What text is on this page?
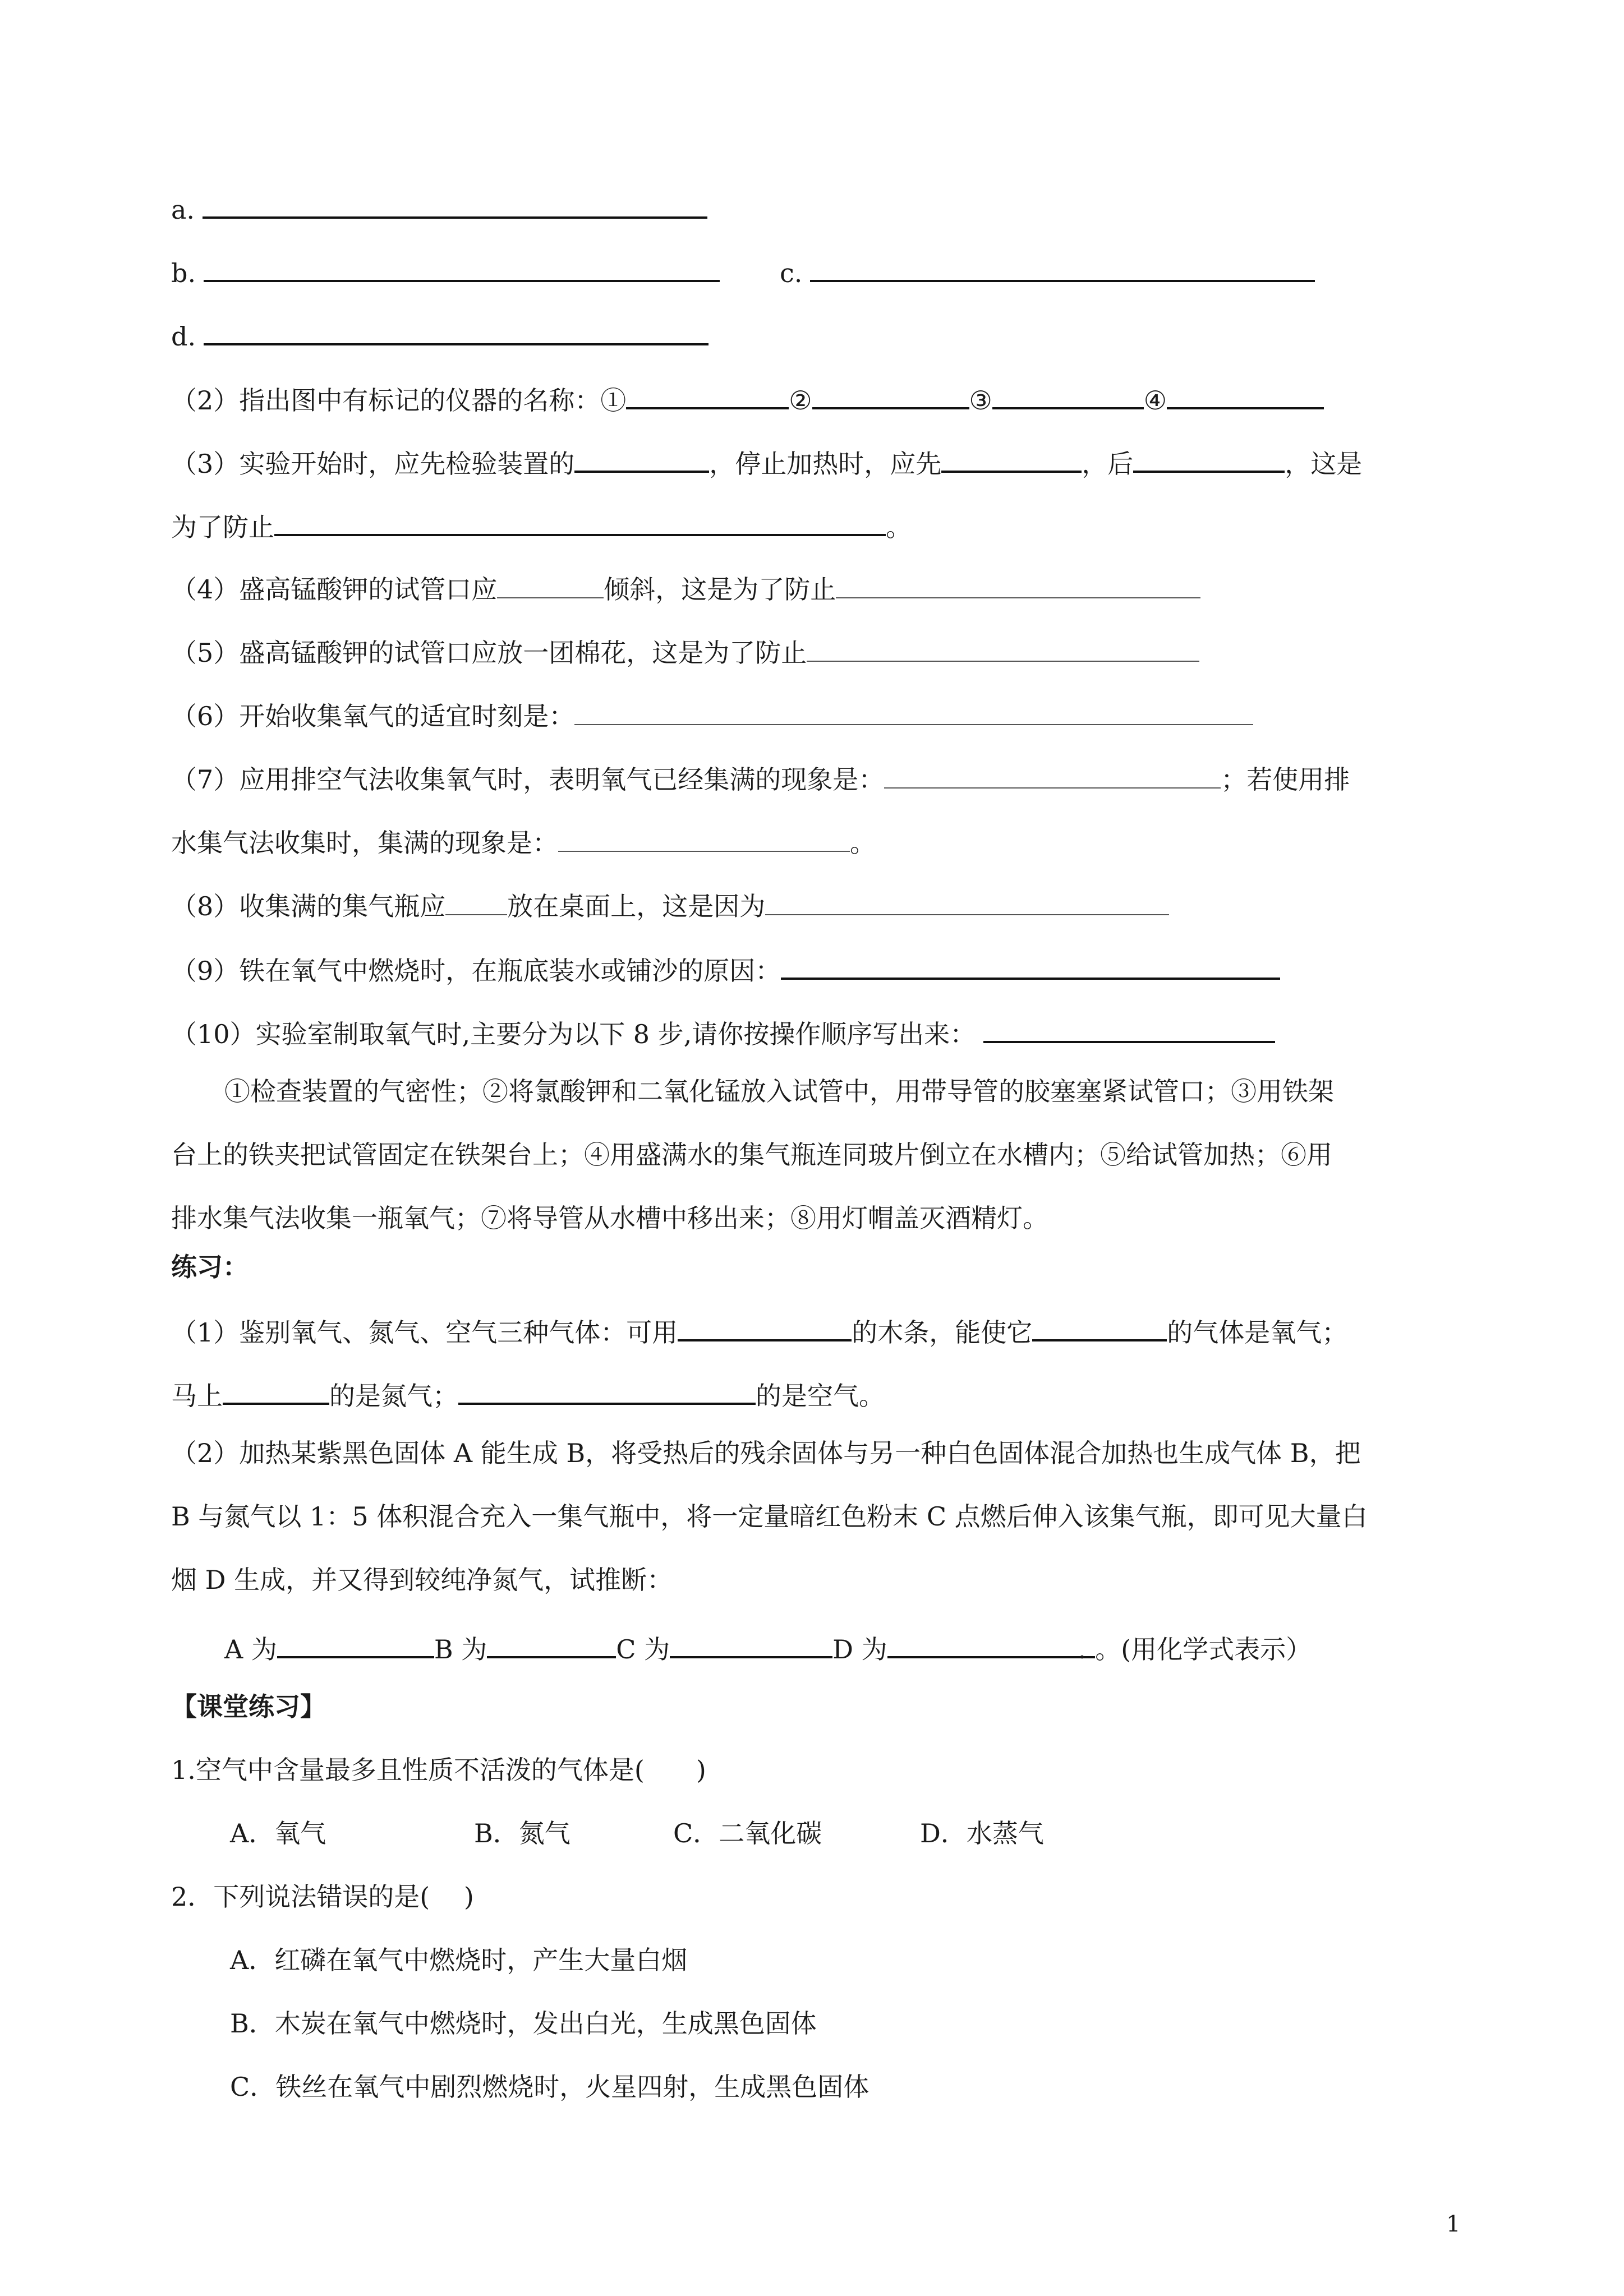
a.
b.	c.
d.
（2）指出图中有标记的仪器的名称：①	②	③	④
（3）实验开始时，应先检验装置的	，停止加热时，应先	，后	，这是
为了防止	。
（4）盛高锰酸钾的试管口应	倾斜，这是为了防止
（5）盛高锰酸钾的试管口应放一团棉花，这是为了防止
（6）开始收集氧气的适宜时刻是：
（7）应用排空气法收集氧气时，表明氧气已经集满的现象是：	；若使用排
水集气法收集时，集满的现象是：	。
（8）收集满的集气瓶应 放在桌面上，这是因为
（9）铁在氧气中燃烧时，在瓶底装水或铺沙的原因：
（10）实验室制取氧气时,主要分为以下 8 步,请你按操作顺序写出来：
①检查装置的气密性；②将氯酸钾和二氧化锰放入试管中，用带导管的胶塞塞紧试管口；③用铁架
台上的铁夹把试管固定在铁架台上；④用盛满水的集气瓶连同玻片倒立在水槽内；⑤给试管加热；⑥用
排水集气法收集一瓶氧气；⑦将导管从水槽中移出来；⑧用灯帽盖灭酒精灯。
练习：
（1）鉴别氧气、氮气、空气三种气体：可用	的木条，能使它	的气体是氧气；
马上	的是氮气；	的是空气。
（2）加热某紫黑色固体 A 能生成 B，将受热后的残余固体与另一种白色固体混合加热也生成气体 B，把
B 与氮气以 1：5 体积混合充入一集气瓶中，将一定量暗红色粉末 C 点燃后伸入该集气瓶，即可见大量白
烟 D 生成，并又得到较纯净氮气，试推断：
A 为	B 为	C 为	D 为	. 。(用化学式表示）
【课堂练习】
1.空气中含量最多且性质不活泼的气体是(　　)
A．氧气	B．氮气	C．二氧化碳	D．水蒸气
2．下列说法错误的是(　 )
A．红磷在氧气中燃烧时，产生大量白烟
B．木炭在氧气中燃烧时，发出白光，生成黑色固体
C．铁丝在氧气中剧烈燃烧时，火星四射，生成黑色固体
1
